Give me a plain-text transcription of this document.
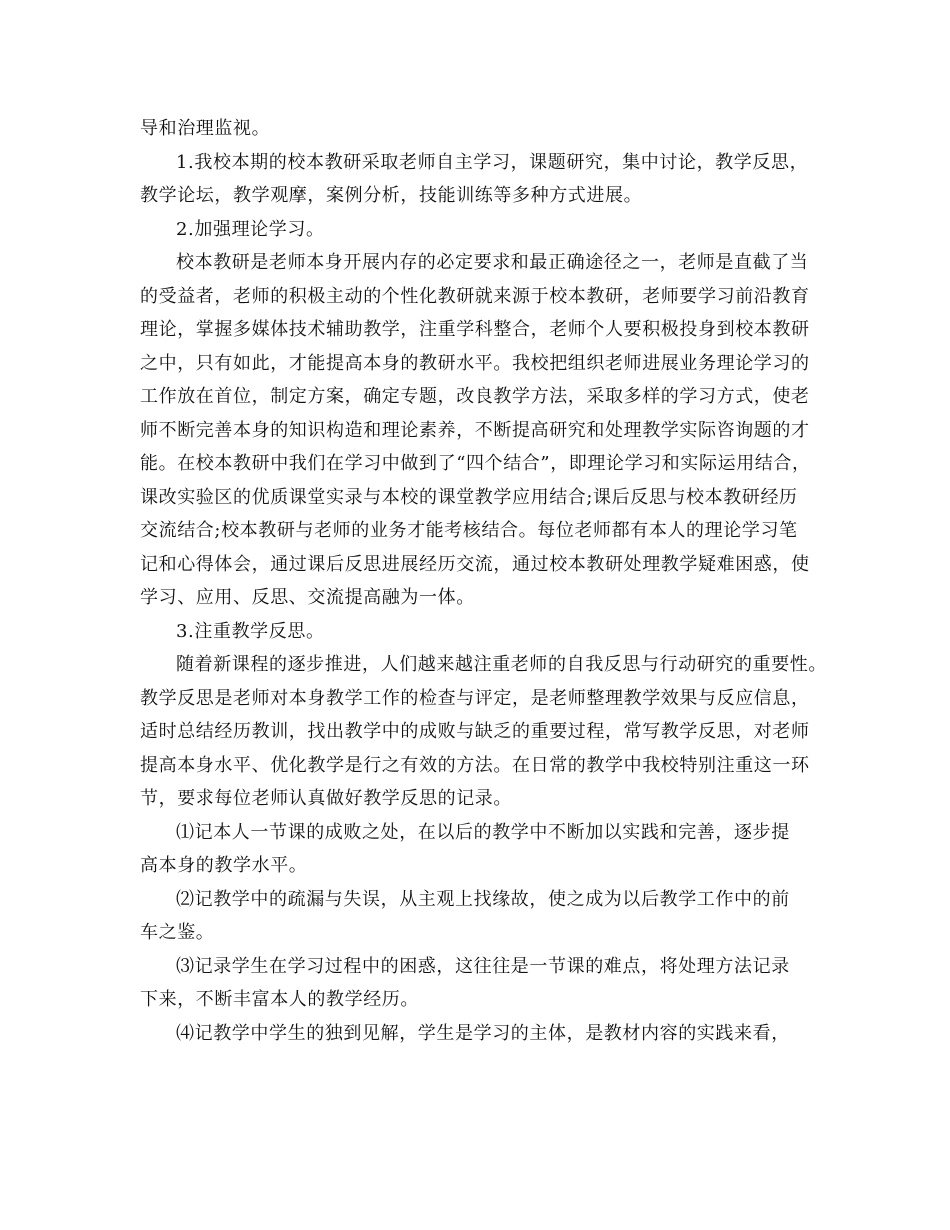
导和治理监视。
1.我校本期的校本教研采取老师自主学习，课题研究，集中讨论，教学反思，
教学论坛，教学观摩，案例分析，技能训练等多种方式进展。
2.加强理论学习。
校本教研是老师本身开展内存的必定要求和最正确途径之一，老师是直截了当
的受益者，老师的积极主动的个性化教研就来源于校本教研，老师要学习前沿教育
理论，掌握多媒体技术辅助教学，注重学科整合，老师个人要积极投身到校本教研
之中，只有如此，才能提高本身的教研水平。我校把组织老师进展业务理论学习的
工作放在首位，制定方案，确定专题，改良教学方法，采取多样的学习方式，使老
师不断完善本身的知识构造和理论素养，不断提高研究和处理教学实际咨询题的才
能。在校本教研中我们在学习中做到了“四个结合”，即理论学习和实际运用结合，
课改实验区的优质课堂实录与本校的课堂教学应用结合;课后反思与校本教研经历
交流结合;校本教研与老师的业务才能考核结合。每位老师都有本人的理论学习笔
记和心得体会，通过课后反思进展经历交流，通过校本教研处理教学疑难困惑，使
学习、应用、反思、交流提高融为一体。
3.注重教学反思。
随着新课程的逐步推进，人们越来越注重老师的自我反思与行动研究的重要性。
教学反思是老师对本身教学工作的检查与评定，是老师整理教学效果与反应信息，
适时总结经历教训，找出教学中的成败与缺乏的重要过程，常写教学反思，对老师
提高本身水平、优化教学是行之有效的方法。在日常的教学中我校特别注重这一环
节，要求每位老师认真做好教学反思的记录。
⑴记本人一节课的成败之处，在以后的教学中不断加以实践和完善，逐步提
高本身的教学水平。
⑵记教学中的疏漏与失误，从主观上找缘故，使之成为以后教学工作中的前
车之鉴。
⑶记录学生在学习过程中的困惑，这往往是一节课的难点，将处理方法记录
下来，不断丰富本人的教学经历。
⑷记教学中学生的独到见解，学生是学习的主体，是教材内容的实践来看，
